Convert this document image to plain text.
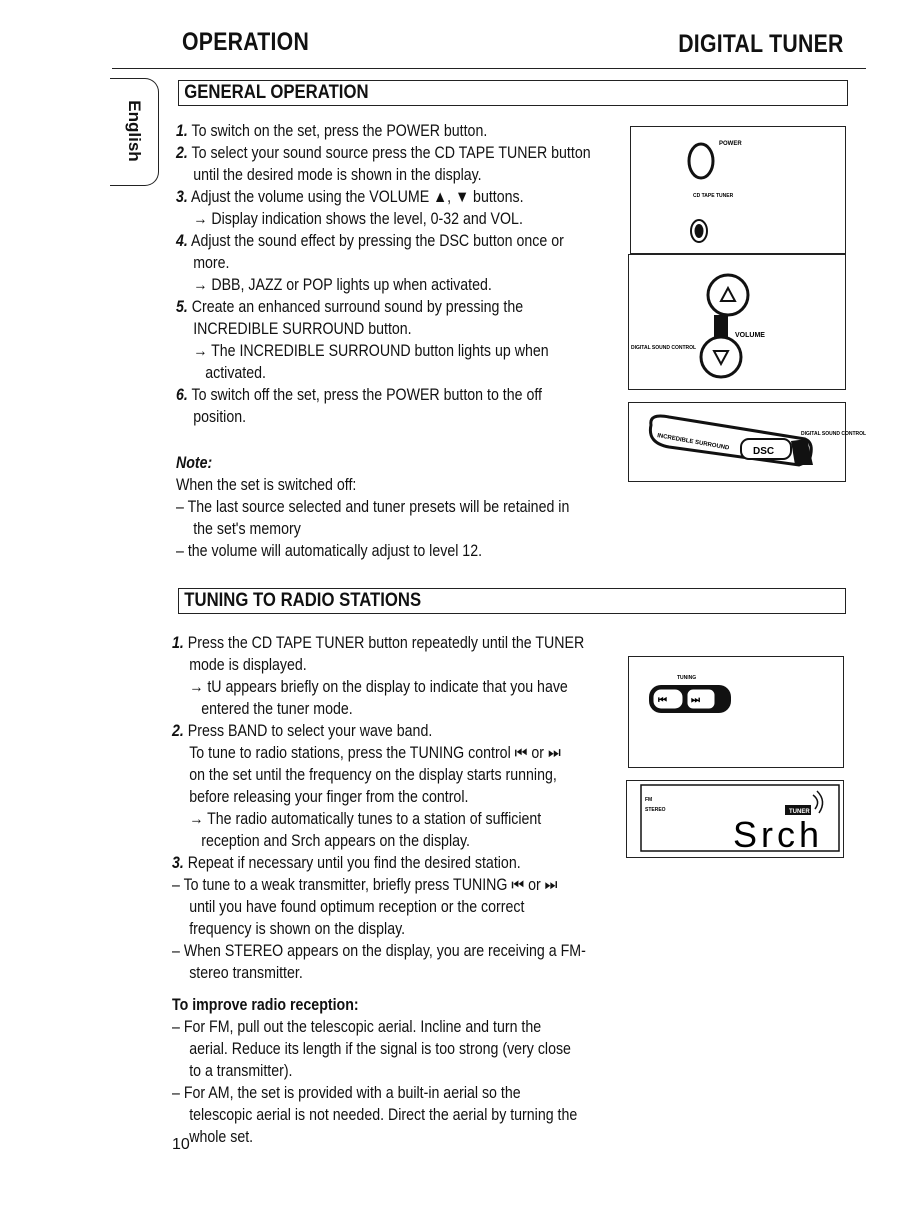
OPERATION	DIGITAL TUNER
English
GENERAL OPERATION
1. To switch on the set, press the POWER button.
2. To select your sound source press the CD TAPE TUNER button
until the desired mode is shown in the display.
3. Adjust the volume using the VOLUME ▲, ▼ buttons.
→ Display indication shows the level, 0-32 and VOL.
4. Adjust the sound effect by pressing the DSC button once or
more.
→ DBB, JAZZ or POP lights up when activated.
5. Create an enhanced surround sound by pressing the
INCREDIBLE SURROUND button.
→ The INCREDIBLE SURROUND button lights up when
activated.
6. To switch off the set, press the POWER button to the off
position.
Note:
When the set is switched off:
– The last source selected and tuner presets will be retained in
the set's memory
– the volume will automatically adjust to level 12.
POWER
CD TAPE TUNER
VOLUME
DIGITAL SOUND CONTROL
INCREDIBLE SURROUND DSC
DIGITAL SOUND CONTROL
TUNING TO RADIO STATIONS
1. Press the CD TAPE TUNER button repeatedly until the TUNER
mode is displayed.
→ tU appears briefly on the display to indicate that you have
entered the tuner mode.
2. Press BAND to select your wave band.
To tune to radio stations, press the TUNING control ⏮ or ⏭
on the set until the frequency on the display starts running,
before releasing your finger from the control.
→ The radio automatically tunes to a station of sufficient
reception and Srch appears on the display.
3. Repeat if necessary until you find the desired station.
– To tune to a weak transmitter, briefly press TUNING ⏮ or ⏭
until you have found optimum reception or the correct
frequency is shown on the display.
– When STEREO appears on the display, you are receiving a FM-
stereo transmitter.
To improve radio reception:
– For FM, pull out the telescopic aerial. Incline and turn the
aerial. Reduce its length if the signal is too strong (very close
to a transmitter).
– For AM, the set is provided with a built-in aerial so the
telescopic aerial is not needed. Direct the aerial by turning the
whole set.
10
TUNING
⏮ ⏭
FM
STEREO	TUNER
Srch
